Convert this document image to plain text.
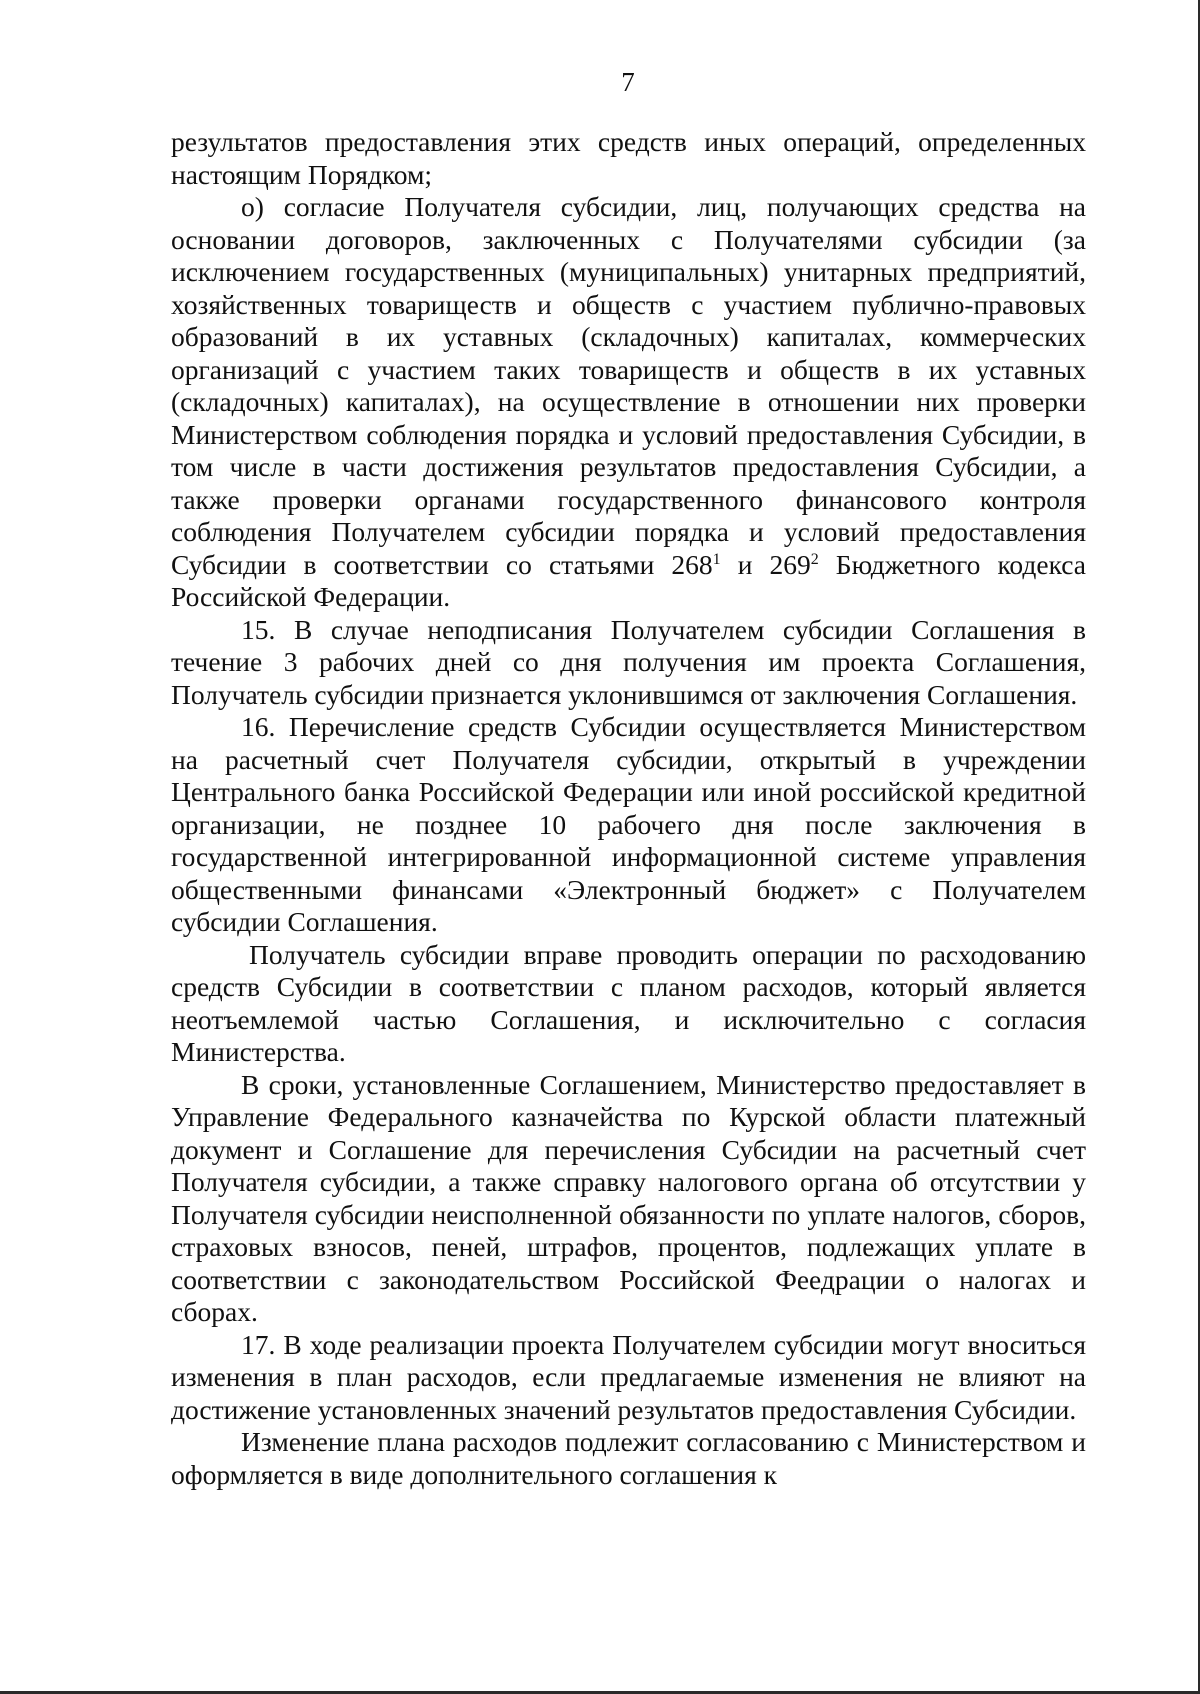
7

результатов предоставления этих средств иных операций, определенных настоящим Порядком;

о) согласие Получателя субсидии, лиц, получающих средства на основании договоров, заключенных с Получателями субсидии (за исключением государственных (муниципальных) унитарных предприятий, хозяйственных товариществ и обществ с участием публично-правовых образований в их уставных (складочных) капиталах, коммерческих организаций с участием таких товариществ и обществ в их уставных (складочных) капиталах), на осуществление в отношении них проверки Министерством соблюдения порядка и условий предоставления Субсидии, в том числе в части достижения результатов предоставления Субсидии, а также проверки органами государственного финансового контроля соблюдения Получателем субсидии порядка и условий предоставления Субсидии в соответствии со статьями $268^1$ и $269^2$ Бюджетного кодекса Российской Федерации.

15. В случае неподписания Получателем субсидии Соглашения в течение 3 рабочих дней со дня получения им проекта Соглашения, Получатель субсидии признается уклонившимся от заключения Соглашения.

16. Перечисление средств Субсидии осуществляется Министерством на расчетный счет Получателя субсидии, открытый в учреждении Центрального банка Российской Федерации или иной российской кредитной организации, не позднее 10 рабочего дня после заключения в государственной интегрированной информационной системе управления общественными финансами «Электронный бюджет» с Получателем субсидии Соглашения.

Получатель субсидии вправе проводить операции по расходованию средств Субсидии в соответствии с планом расходов, который является неотъемлемой частью Соглашения, и исключительно с согласия Министерства.

В сроки, установленные Соглашением, Министерство предоставляет в Управление Федерального казначейства по Курской области платежный документ и Соглашение для перечисления Субсидии на расчетный счет Получателя субсидии, а также справку налогового органа об отсутствии у Получателя субсидии неисполненной обязанности по уплате налогов, сборов, страховых взносов, пеней, штрафов, процентов, подлежащих уплате в соответствии с законодательством Российской Феедрации о налогах и сборах.

17. В ходе реализации проекта Получателем субсидии могут вноситься изменения в план расходов, если предлагаемые изменения не влияют на достижение установленных значений результатов предоставления Субсидии.

Изменение плана расходов подлежит согласованию с Министерством и оформляется в виде дополнительного соглашения к
